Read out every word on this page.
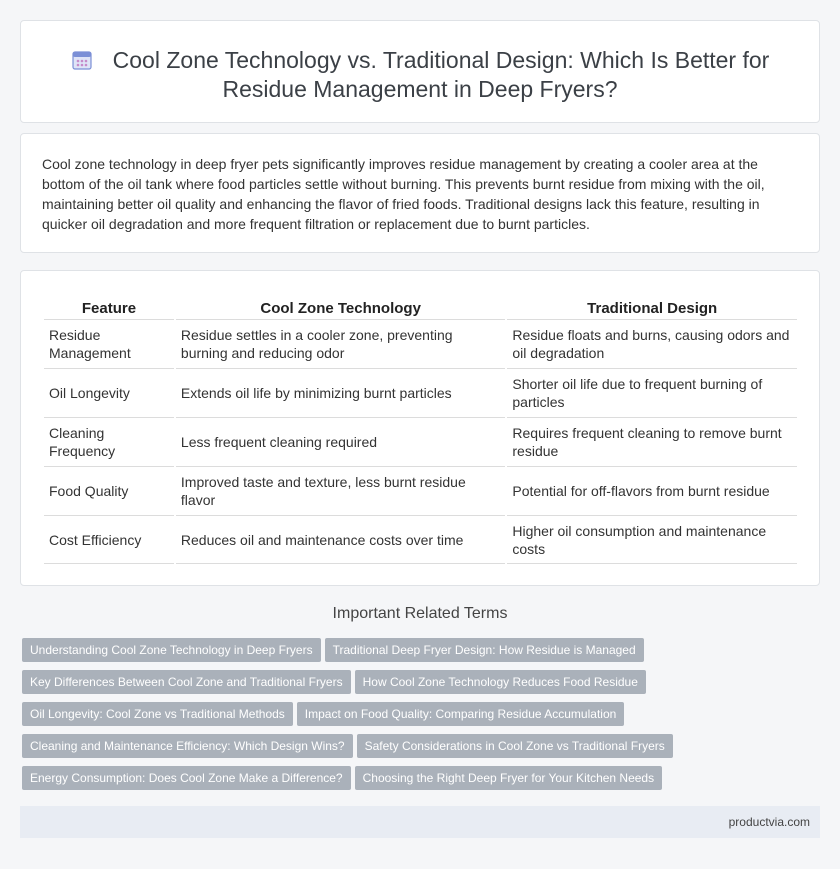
Cool Zone Technology vs. Traditional Design: Which Is Better for
Residue Management in Deep Fryers?

Cool zone technology in deep fryer pets significantly improves residue management by creating a cooler area at the bottom of the oil tank where food particles settle without burning. This prevents burnt residue from mixing with the oil, maintaining better oil quality and enhancing the flavor of fried foods. Traditional designs lack this feature, resulting in quicker oil degradation and more frequent filtration or replacement due to burnt particles.

Feature	Cool Zone Technology	Traditional Design
Residue Management	Residue settles in a cooler zone, preventing burning and reducing odor	Residue floats and burns, causing odors and oil degradation
Oil Longevity	Extends oil life by minimizing burnt particles	Shorter oil life due to frequent burning of particles
Cleaning Frequency	Less frequent cleaning required	Requires frequent cleaning to remove burnt residue
Food Quality	Improved taste and texture, less burnt residue flavor	Potential for off-flavors from burnt residue
Cost Efficiency	Reduces oil and maintenance costs over time	Higher oil consumption and maintenance costs
Important Related Terms
Understanding Cool Zone Technology in Deep Fryers Traditional Deep Fryer Design: How Residue is Managed
Key Differences Between Cool Zone and Traditional Fryers How Cool Zone Technology Reduces Food Residue
Oil Longevity: Cool Zone vs Traditional Methods Impact on Food Quality: Comparing Residue Accumulation
Cleaning and Maintenance Efficiency: Which Design Wins? Safety Considerations in Cool Zone vs Traditional Fryers
Energy Consumption: Does Cool Zone Make a Difference? Choosing the Right Deep Fryer for Your Kitchen Needs
productvia.com
